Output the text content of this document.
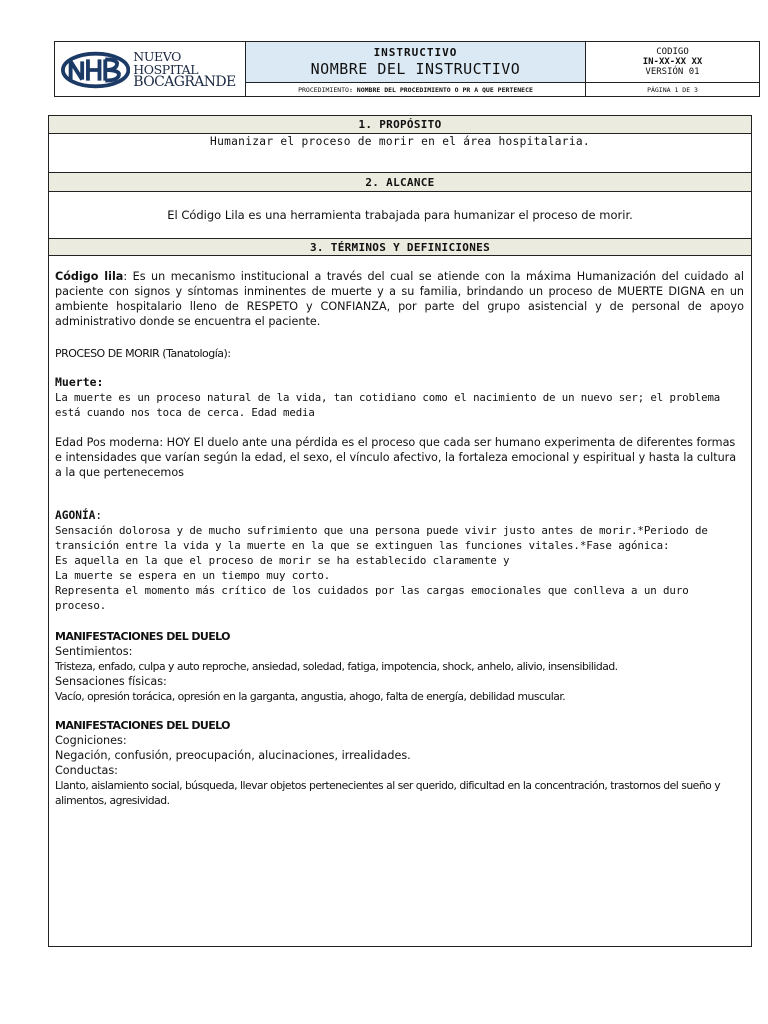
NUEVO HOSPITAL
BOCAGRANDE
INSTRUCTIVO
NOMBRE DEL INSTRUCTIVO
CODIGO
IN-XX-XX XX
VERSIÓN 01
PROCEDIMIENTO : NOMBRE DEL PROCEDIMIENTO O PR A QUE PERTENECE	PÁGINA 1 DE 3
1. PROPÓSITO
Humanizar el proceso de morir en el área hospitalaria.
2. ALCANCE
El Código Lila es una herramienta trabajada para humanizar el proceso de morir.
3. TÉRMINOS Y DEFINICIONES

Código lila: Es un mecanismo institucional a través del cual se atiende con la máxima Humanización del cuidado al paciente con signos y síntomas inminentes de muerte y a su familia, brindando un proceso de MUERTE DIGNA en un ambiente hospitalario lleno de RESPETO y CONFIANZA, por parte del grupo asistencial y de personal de apoyo administrativo donde se encuentra el paciente.

PROCESO DE MORIR (Tanatología):

Muerte:

La muerte es un proceso natural de la vida, tan cotidiano como el nacimiento de un nuevo ser; el problema está cuando nos toca de cerca. Edad media

Edad Pos moderna: HOY El duelo ante una pérdida es el proceso que cada ser humano experimenta de diferentes formas e intensidades que varían según la edad, el sexo, el vínculo afectivo, la fortaleza emocional y espiritual y hasta la cultura a la que pertenecemos

AGONÍA:

Sensación dolorosa y de mucho sufrimiento que una persona puede vivir justo antes de morir.*Periodo de transición entre la vida y la muerte en la que se extinguen las funciones vitales.*Fase agónica:

Es aquella en la que el proceso de morir se ha establecido claramente y

La muerte se espera en un tiempo muy corto.

Representa el momento más crítico de los cuidados por las cargas emocionales que conlleva a un duro proceso.

MANIFESTACIONES DEL DUELO

Sentimientos:

Tristeza, enfado, culpa y auto reproche, ansiedad, soledad, fatiga, impotencia, shock, anhelo, alivio, insensibilidad.

Sensaciones físicas:

Vacío, opresión torácica, opresión en la garganta, angustia, ahogo, falta de energía, debilidad muscular.

MANIFESTACIONES DEL DUELO

Cogniciones:

Negación, confusión, preocupación, alucinaciones, irrealidades.

Conductas:

Llanto, aislamiento social, búsqueda, llevar objetos pertenecientes al ser querido, dificultad en la concentración, trastornos del sueño y alimentos, agresividad.
